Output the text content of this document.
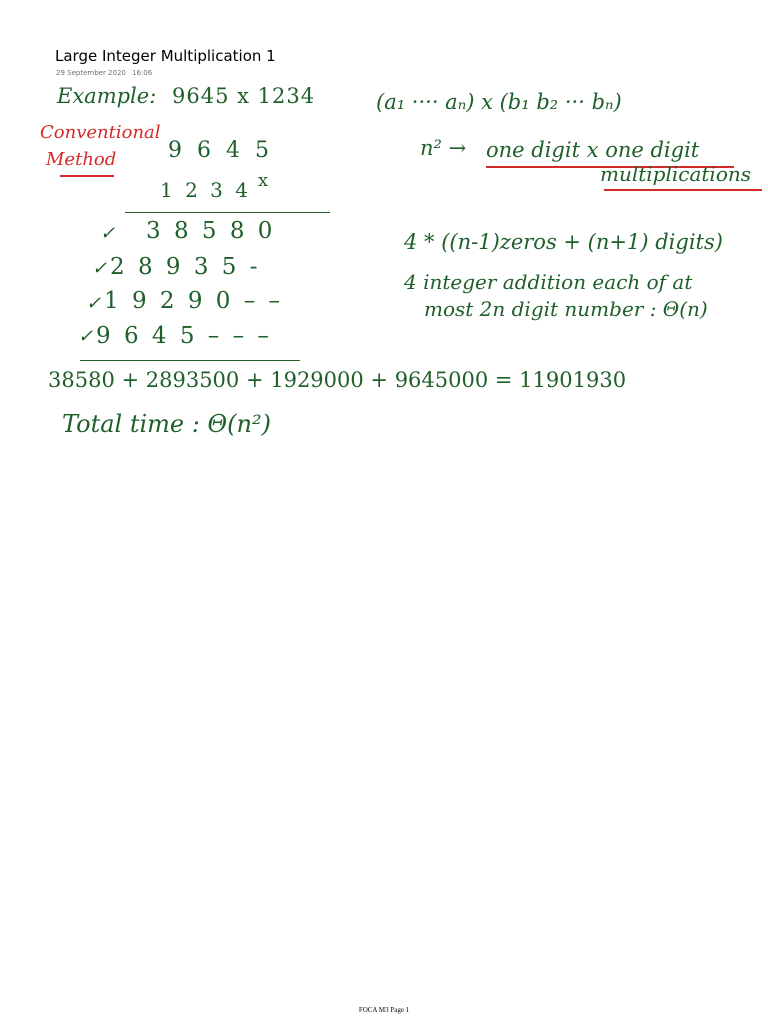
Large Integer Multiplication 1
29 September 2020 16:06
Example: 9645 x 1234
Conventional
Method 9 6 4 5
1 2 3 4 x
✓ 3 8 5 8 0
✓ 2 8 9 3 5 -
✓ 1 9 2 9 0 – –
✓ 9 6 4 5 – – –
38580 + 2893500 + 1929000 + 9645000 = 11901930
Total time : Θ(n²)
(a₁ ···· aₙ) x (b₁ b₂ ··· bₙ)
n² → one digit x one digit
multiplications
4 * ((n-1)zeros + (n+1) digits)
4 integer addition each of at
most 2n digit number : Θ(n)
FOCA M3 Page 1
